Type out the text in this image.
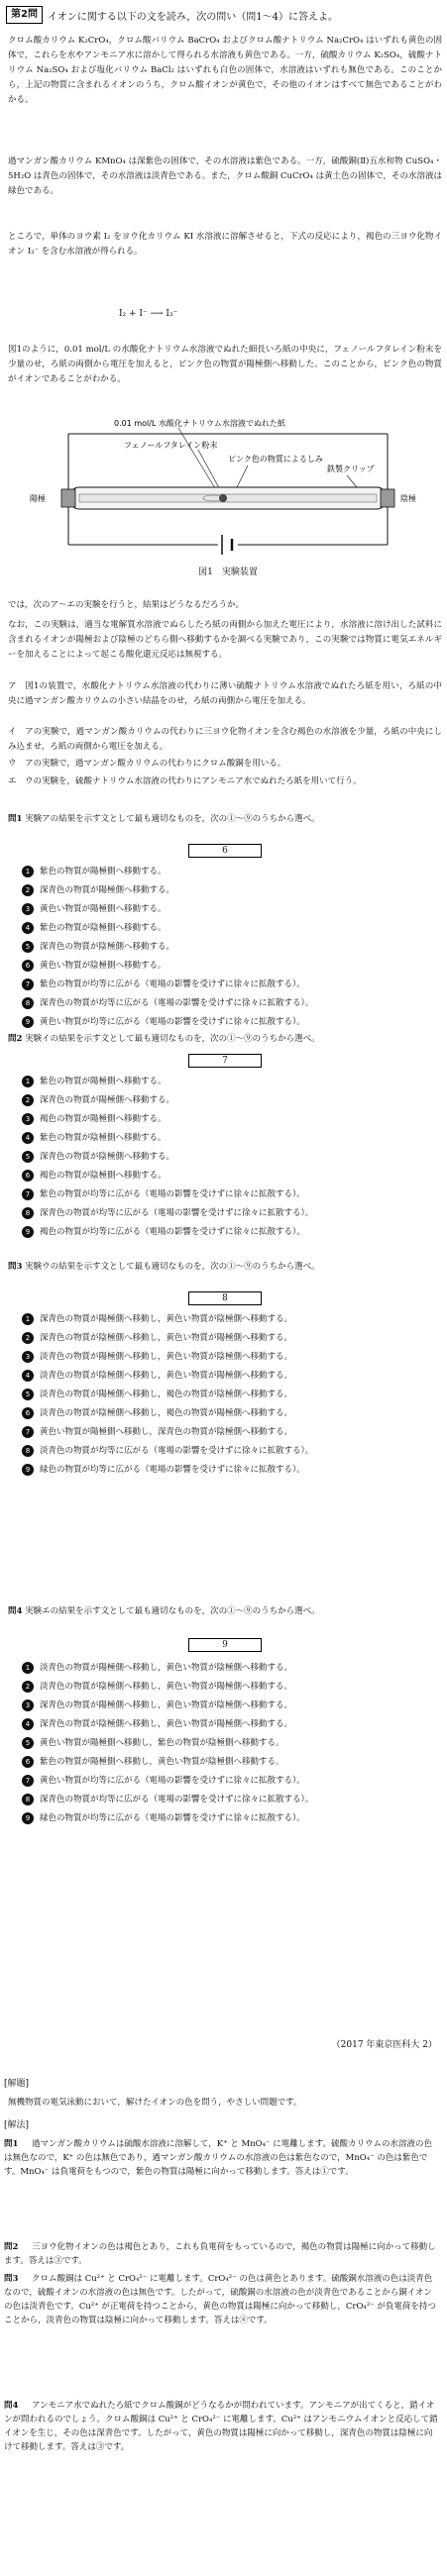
第2問	イオンに関する以下の文を読み，次の問い（問1～4）に答えよ。
クロム酸カリウム K₂CrO₄，クロム酸バリウム BaCrO₄ およびクロム酸ナトリウム Na₂CrO₄ はいずれも黄色の固体で，これらを水やアンモニア水に溶かして得られる水溶液も黄色である。一方，硫酸カリウム K₂SO₄，硫酸ナトリウム Na₂SO₄ および塩化バリウム BaCl₂ はいずれも白色の固体で，水溶液はいずれも無色である。このことから，上記の物質に含まれるイオンのうち，クロム酸イオンが黄色で，その他のイオンはすべて無色であることがわかる。
過マンガン酸カリウム KMnO₄ は深紫色の固体で，その水溶液は紫色である。一方，硫酸銅(Ⅱ)五水和物 CuSO₄・5H₂O は青色の固体で，その水溶液は淡青色である。また，クロム酸銅 CuCrO₄ は黄土色の固体で，その水溶液は緑色である。
ところで，単体のヨウ素 I₂ をヨウ化カリウム KI 水溶液に溶解させると，下式の反応により，褐色の三ヨウ化物イオン I₃⁻ を含む水溶液が得られる。
I₂ + I⁻ ⟶ I₃⁻
図1のように，0.01 mol/L の水酸化ナトリウム水溶液でぬれた細長いろ紙の中央に，フェノールフタレイン粉末を少量のせ，ろ紙の両側から電圧を加えると，ピンク色の物質が陽極側へ移動した。このことから，ピンク色の物質がイオンであることがわかる。
0.01 mol/L 水酸化ナトリウム水溶液でぬれた紙
フェノールフタレイン粉末
ピンク色の物質によるしみ
鉄製クリップ
陽極	陰極
図1　実験装置
では，次のア〜エの実験を行うと，結果はどうなるだろうか。
なお，この実験は，適当な電解質水溶液でぬらしたろ紙の両側から加えた電圧により，水溶液に溶け出した試料に含まれるイオンが陽極および陰極のどちら側へ移動するかを調べる実験であり，この実験では物質に電気エネルギーを加えることによって起こる酸化還元反応は無視する。
ア　図1の装置で，水酸化ナトリウム水溶液の代わりに薄い硫酸ナトリウム水溶液でぬれたろ紙を用い，ろ紙の中央に過マンガン酸カリウムの小さい結晶をのせ，ろ紙の両側から電圧を加える。
イ　アの実験で，過マンガン酸カリウムの代わりに三ヨウ化物イオンを含む褐色の水溶液を少量，ろ紙の中央にしみ込ませ，ろ紙の両側から電圧を加える。
ウ　アの実験で，過マンガン酸カリウムの代わりにクロム酸銅を用いる。
エ　ウの実験を，硫酸ナトリウム水溶液の代わりにアンモニア水でぬれたろ紙を用いて行う。
問1 実験アの結果を示す文として最も適切なものを，次の①〜⑨のうちから選べ。
6
1 紫色の物質が陽極側へ移動する。
2 深青色の物質が陽極側へ移動する。
3 黄色い物質が陽極側へ移動する。
4 紫色の物質が陰極側へ移動する。
5 深青色の物質が陰極側へ移動する。
6 黄色い物質が陰極側へ移動する。
7 紫色の物質が均等に広がる（電場の影響を受けずに徐々に拡散する）。
8 深青色の物質が均等に広がる（電場の影響を受けずに徐々に拡散する）。
9 黄色い物質が均等に広がる（電場の影響を受けずに徐々に拡散する）。
問2 実験イの結果を示す文として最も適切なものを，次の①〜⑨のうちから選べ。
7
1 紫色の物質が陽極側へ移動する。
2 深青色の物質が陽極側へ移動する。
3 褐色の物質が陽極側へ移動する。
4 紫色の物質が陰極側へ移動する。
5 深青色の物質が陰極側へ移動する。
6 褐色の物質が陰極側へ移動する。
7 紫色の物質が均等に広がる（電場の影響を受けずに徐々に拡散する）。
8 深青色の物質が均等に広がる（電場の影響を受けずに徐々に拡散する）。
9 褐色の物質が均等に広がる（電場の影響を受けずに徐々に拡散する）。
問3 実験ウの結果を示す文として最も適切なものを，次の①〜⑨のうちから選べ。
8
1 深青色の物質が陽極側へ移動し，黄色い物質が陰極側へ移動する。
2 深青色の物質が陰極側へ移動し，黄色い物質が陽極側へ移動する。
3 淡青色の物質が陽極側へ移動し，黄色い物質が陰極側へ移動する。
4 淡青色の物質が陰極側へ移動し，黄色い物質が陽極側へ移動する。
5 淡青色の物質が陽極側へ移動し，褐色の物質が陰極側へ移動する。
6 淡青色の物質が陰極側へ移動し，褐色の物質が陽極側へ移動する。
7 黄色い物質が陽極側へ移動し，深青色の物質が陰極側へ移動する。
8 淡青色の物質が均等に広がる（電場の影響を受けずに徐々に拡散する）。
9 緑色の物質が均等に広がる（電場の影響を受けずに徐々に拡散する）。
問4 実験エの結果を示す文として最も適切なものを，次の①〜⑨のうちから選べ。
9
1 淡青色の物質が陽極側へ移動し，黄色い物質が陰極側へ移動する。
2 淡青色の物質が陰極側へ移動し，黄色い物質が陽極側へ移動する。
3 深青色の物質が陽極側へ移動し，黄色い物質が陰極側へ移動する。
4 深青色の物質が陰極側へ移動し，黄色い物質が陽極側へ移動する。
5 黄色い物質が陽極側へ移動し，紫色の物質が陰極側へ移動する。
6 紫色の物質が陽極側へ移動し，黄色い物質が陰極側へ移動する。
7 黄色い物質が均等に広がる（電場の影響を受けずに徐々に拡散する）。
8 深青色の物質が均等に広がる（電場の影響を受けずに徐々に拡散する）。
9 緑色の物質が均等に広がる（電場の影響を受けずに徐々に拡散する）。
（2017 年東京医科大 2）
[解題]
無機物質の電気泳動において，解けたイオンの色を問う，やさしい問題です。
[解法]
問1 過マンガン酸カリウムは硫酸水溶液に溶解して，K⁺ と MnO₄⁻ に電離します。硫酸カリウムの水溶液の色は無色なので，K⁺ の色は無色であり，過マンガン酸カリウムの水溶液の色は紫色なので，MnO₄⁻ の色は紫色です。MnO₄⁻ は負電荷をもつので，紫色の物質は陽極に向かって移動します。答えは①です。
問2 三ヨウ化物イオンの色は褐色とあり，これも負電荷をもっているので，褐色の物質は陽極に向かって移動します。答えは③です。
問3 クロム酸銅は Cu²⁺ と CrO₄²⁻ に電離します。CrO₄²⁻ の色は黄色とあります。硫酸銅水溶液の色は淡青色なので，硫酸イオンの水溶液の色は無色です。したがって，硫酸銅の水溶液の色が淡青色であることから銅イオンの色は淡青色です。Cu²⁺ が正電荷を持つことから，黄色の物質は陽極に向かって移動し，CrO₄²⁻ が負電荷を持つことから，淡青色の物質は陰極に向かって移動します。答えは④です。
問4 アンモニア水でぬれたろ紙でクロム酸銅がどうなるかが問われています。アンモニアが出てくると，錯イオンが問われるのでしょう。クロム酸銅は Cu²⁺ と CrO₄²⁻ に電離します。Cu²⁺ はアンモニウムイオンと反応して錯イオンを生じ，その色は深青色です。したがって，黄色の物質は陽極に向かって移動し，深青色の物質は陰極に向けて移動します。答えは③です。
